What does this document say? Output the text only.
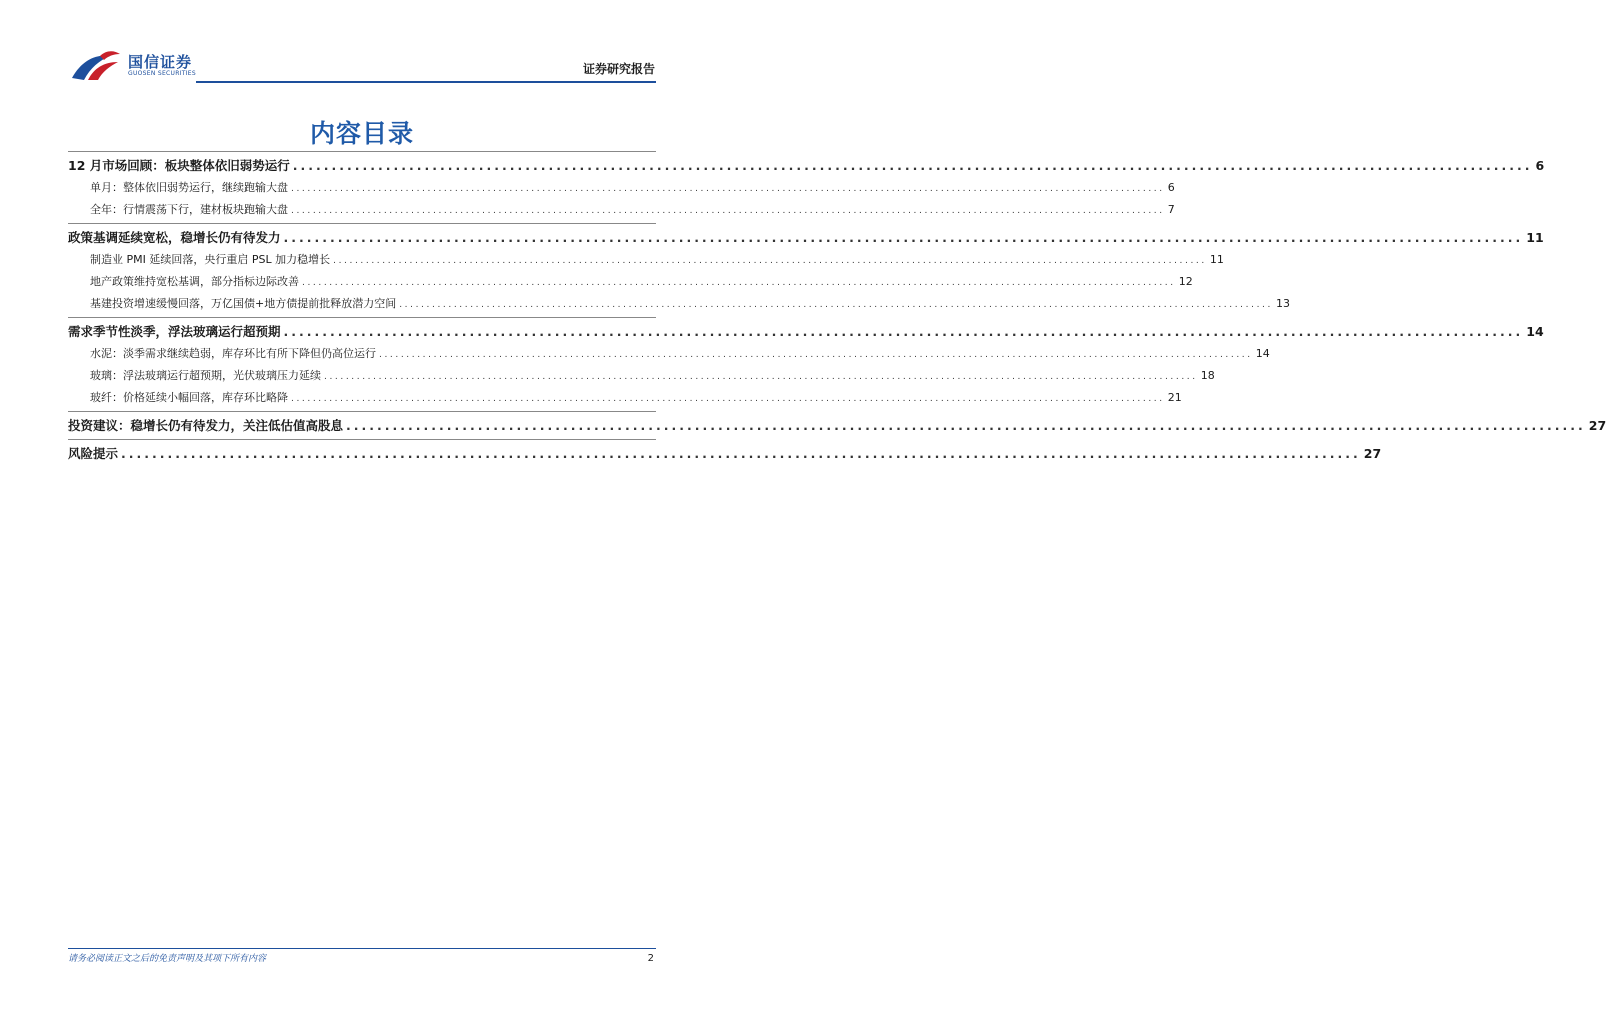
国信证券
GUOSEN SECURITIES	证券研究报告
内容目录
12 月市场回顾：板块整体依旧弱势运行 ................................................................................................................................................................ 6
单月：整体依旧弱势运行，继续跑输大盘 ................................................................................................................................................................ 6
全年：行情震荡下行，建材板块跑输大盘 ................................................................................................................................................................ 7
政策基调延续宽松，稳增长仍有待发力 ................................................................................................................................................................ 11
制造业 PMI 延续回落，央行重启 PSL 加力稳增长 ................................................................................................................................................................ 11
地产政策维持宽松基调，部分指标边际改善 ................................................................................................................................................................ 12
基建投资增速缓慢回落，万亿国债+地方债提前批释放潜力空间 ................................................................................................................................................................ 13
需求季节性淡季，浮法玻璃运行超预期 ................................................................................................................................................................ 14
水泥：淡季需求继续趋弱，库存环比有所下降但仍高位运行 ................................................................................................................................................................ 14
玻璃：浮法玻璃运行超预期，光伏玻璃压力延续 ................................................................................................................................................................ 18
玻纤：价格延续小幅回落，库存环比略降 ................................................................................................................................................................ 21
投资建议：稳增长仍有待发力，关注低估值高股息 ................................................................................................................................................................ 27
风险提示 ................................................................................................................................................................ 27
请务必阅读正文之后的免责声明及其项下所有内容	2
